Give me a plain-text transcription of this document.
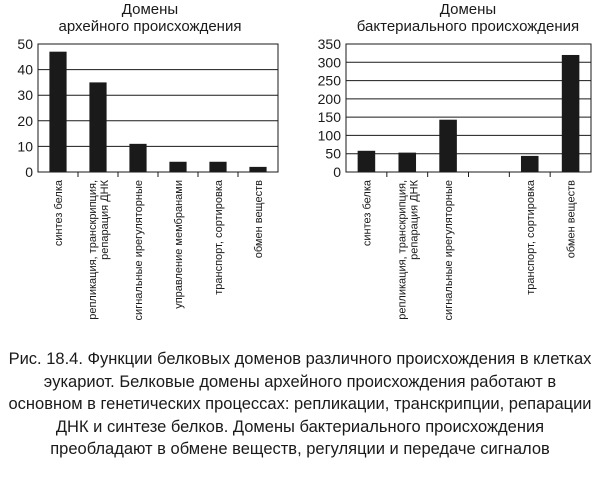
Домены
архейного происхождения
0
10
20
30
40
50
синтез белка репликация, транскрипция,репарация ДНК сигнальные ирегуляторные	управление мембранами	транспорт, сортировка	обмен веществ
Домены
бактериального происхождения
0
50
100
150
200
250
300
350
синтез белка репликация, транскрипция,репарация ДНК сигнальные ирегуляторные	транспорт, сортировка	обмен веществ
Рис. 18.4. Функции белковых доменов различного происхождения в клетках эукариот. Белковые домены архейного происхождения работают в основном в генетических процессах: репликации, транскрипции, репарации ДНК и синтезе белков. Домены бактериального происхождения преобладают в обмене веществ, регуляции и передаче сигналов
